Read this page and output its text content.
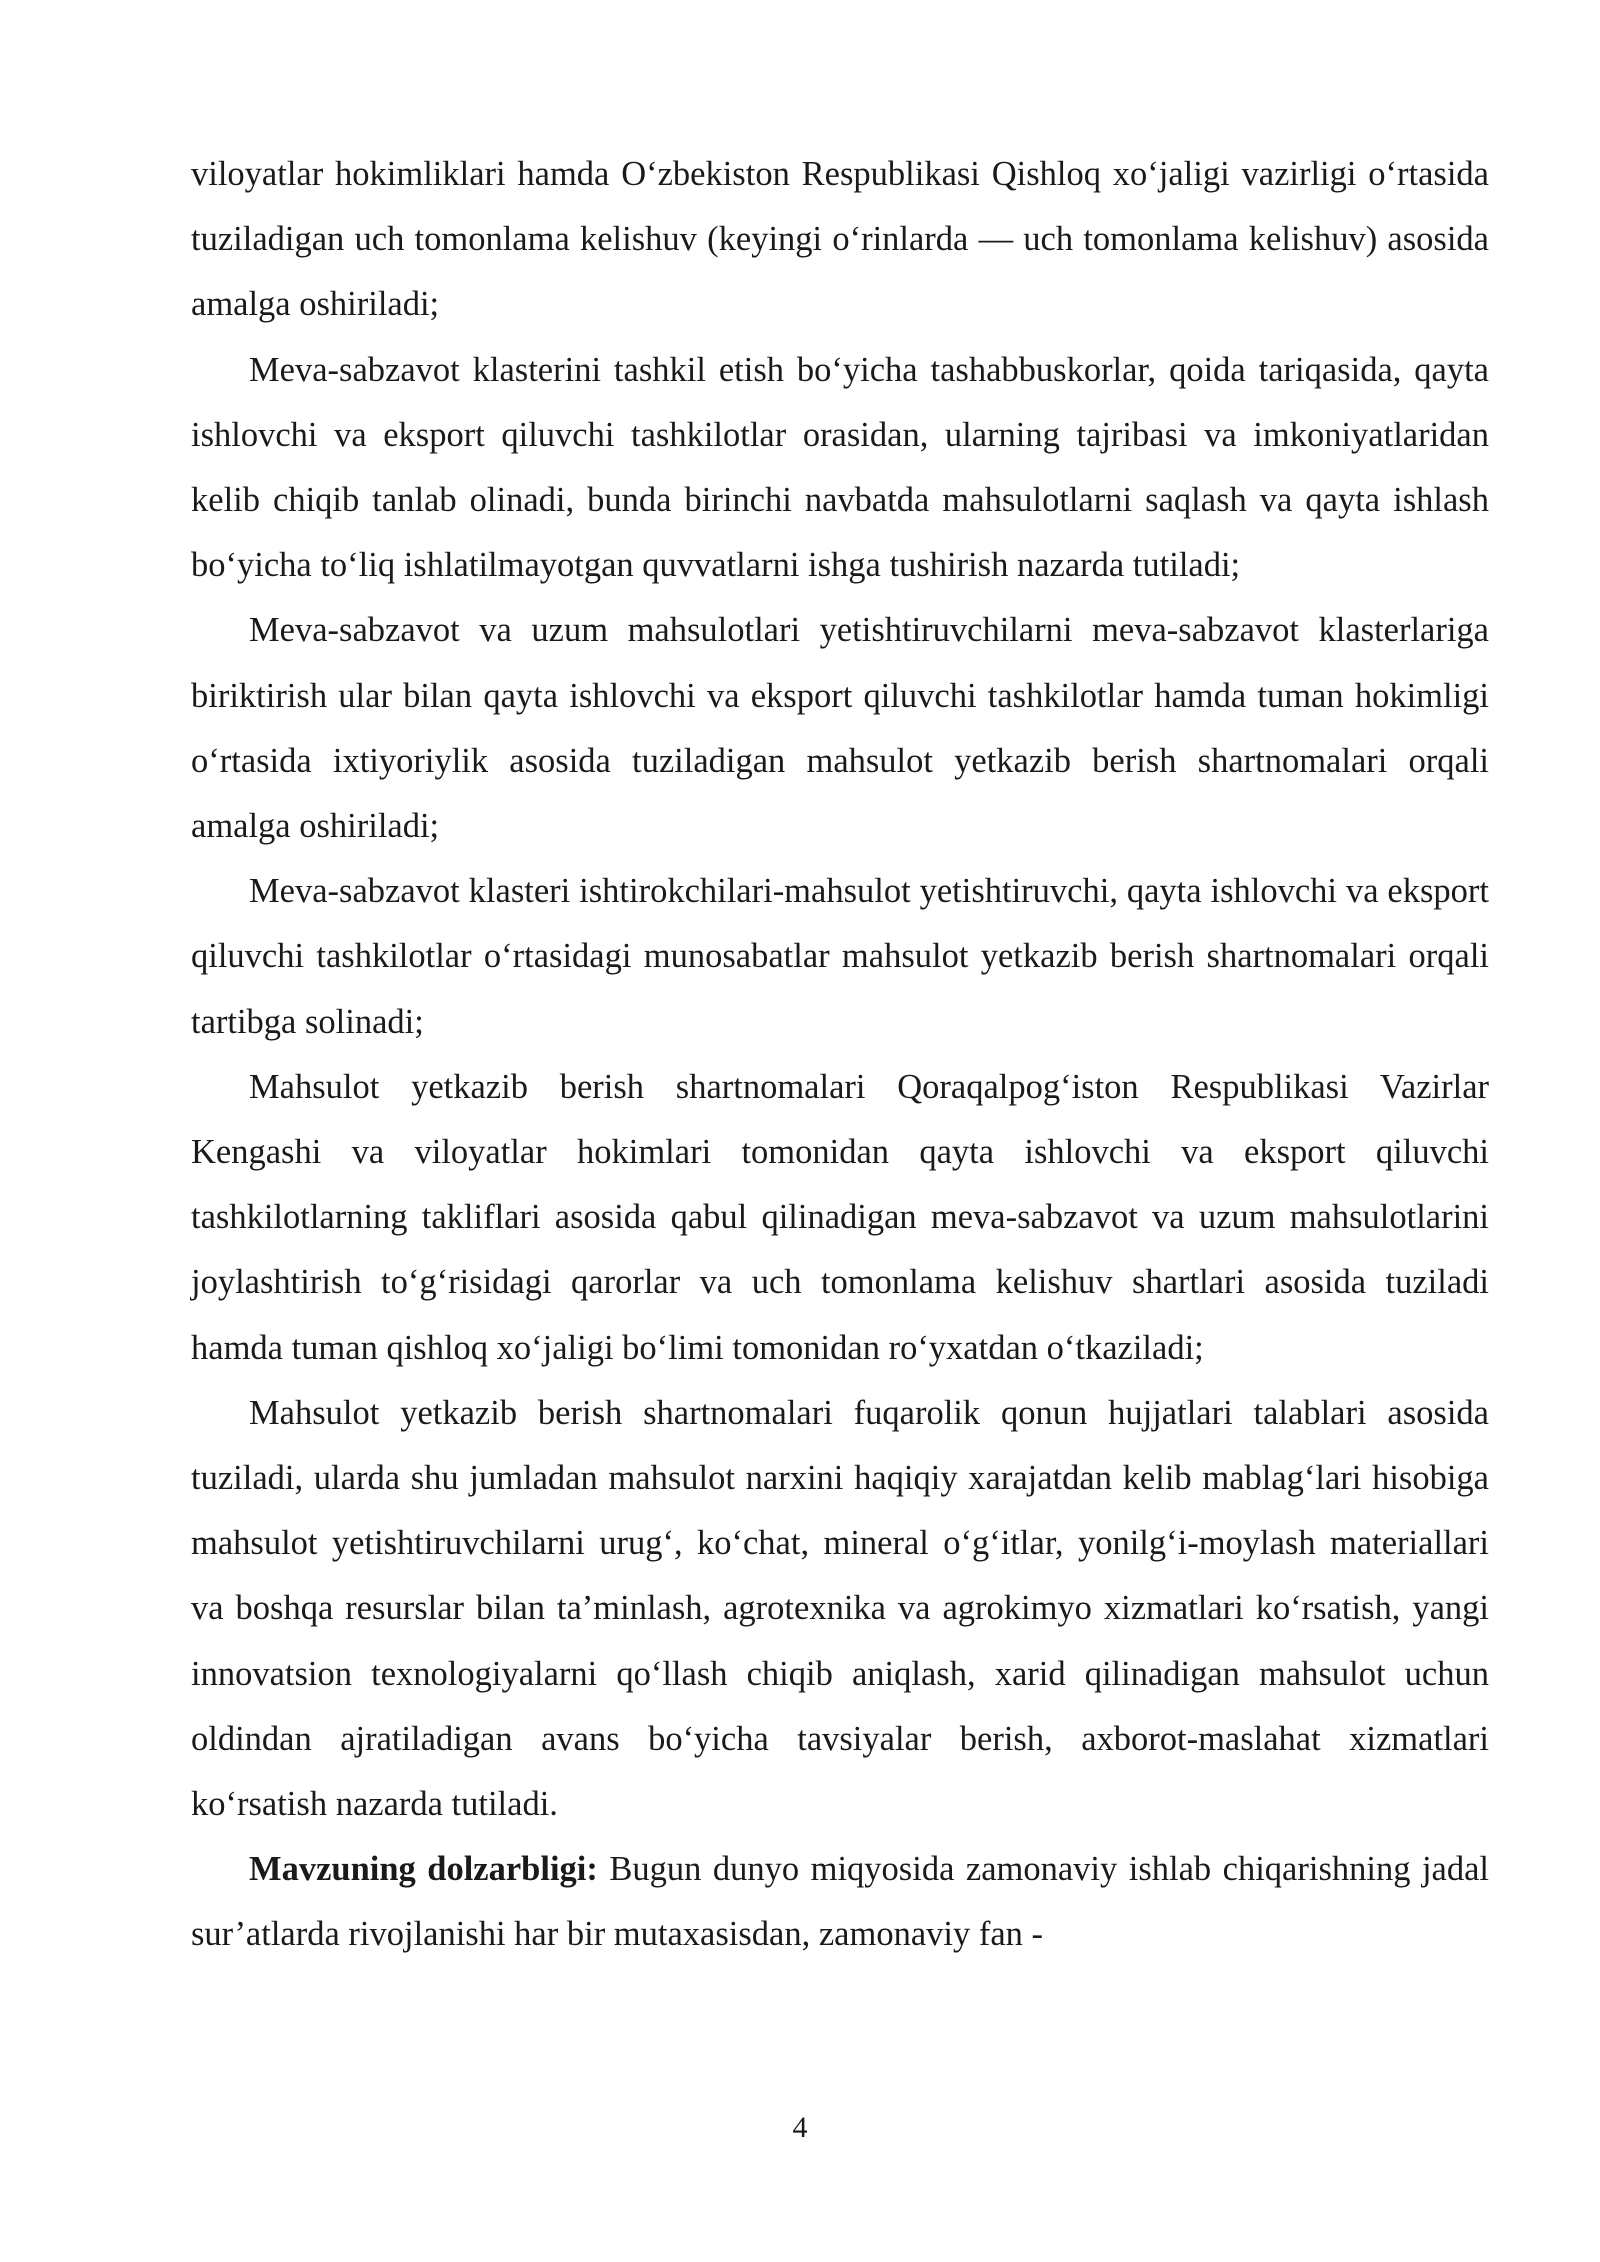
viloyatlar hokimliklari hamda O‘zbekiston Respublikasi Qishloq xo‘jaligi vazirligi o‘rtasida tuziladigan uch tomonlama kelishuv (keyingi o‘rinlarda — uch tomonlama kelishuv) asosida amalga oshiriladi;

Meva-sabzavot klasterini tashkil etish bo‘yicha tashabbuskorlar, qoida tariqasida, qayta ishlovchi va eksport qiluvchi tashkilotlar orasidan, ularning tajribasi va imkoniyatlaridan kelib chiqib tanlab olinadi, bunda birinchi navbatda mahsulotlarni saqlash va qayta ishlash bo‘yicha to‘liq ishlatilmayotgan quvvatlarni ishga tushirish nazarda tutiladi;

Meva-sabzavot va uzum mahsulotlari yetishtiruvchilarni meva-sabzavot klasterlariga biriktirish ular bilan qayta ishlovchi va eksport qiluvchi tashkilotlar hamda tuman hokimligi o‘rtasida ixtiyoriylik asosida tuziladigan mahsulot yetkazib berish shartnomalari orqali amalga oshiriladi;

Meva-sabzavot klasteri ishtirokchilari-mahsulot yetishtiruvchi, qayta ishlovchi va eksport qiluvchi tashkilotlar o‘rtasidagi munosabatlar mahsulot yetkazib berish shartnomalari orqali tartibga solinadi;

Mahsulot yetkazib berish shartnomalari Qoraqalpog‘iston Respublikasi Vazirlar Kengashi va viloyatlar hokimlari tomonidan qayta ishlovchi va eksport qiluvchi tashkilotlarning takliflari asosida qabul qilinadigan meva-sabzavot va uzum mahsulotlarini joylashtirish to‘g‘risidagi qarorlar va uch tomonlama kelishuv shartlari asosida tuziladi hamda tuman qishloq xo‘jaligi bo‘limi tomonidan ro‘yxatdan o‘tkaziladi;

Mahsulot yetkazib berish shartnomalari fuqarolik qonun hujjatlari talablari asosida tuziladi, ularda shu jumladan mahsulot narxini haqiqiy xarajatdan kelib mablag‘lari hisobiga mahsulot yetishtiruvchilarni urug‘, ko‘chat, mineral o‘g‘itlar, yonilg‘i-moylash materiallari va boshqa resurslar bilan ta’minlash, agrotexnika va agrokimyo xizmatlari ko‘rsatish, yangi innovatsion texnologiyalarni qo‘llash chiqib aniqlash, xarid qilinadigan mahsulot uchun oldindan ajratiladigan avans bo‘yicha tavsiyalar berish, axborot-maslahat xizmatlari ko‘rsatish nazarda tutiladi.

Mavzuning dolzarbligi: Bugun dunyo miqyosida zamonaviy ishlab chiqarishning jadal sur’atlarda rivojlanishi har bir mutaxasisdan, zamonaviy fan -

4
